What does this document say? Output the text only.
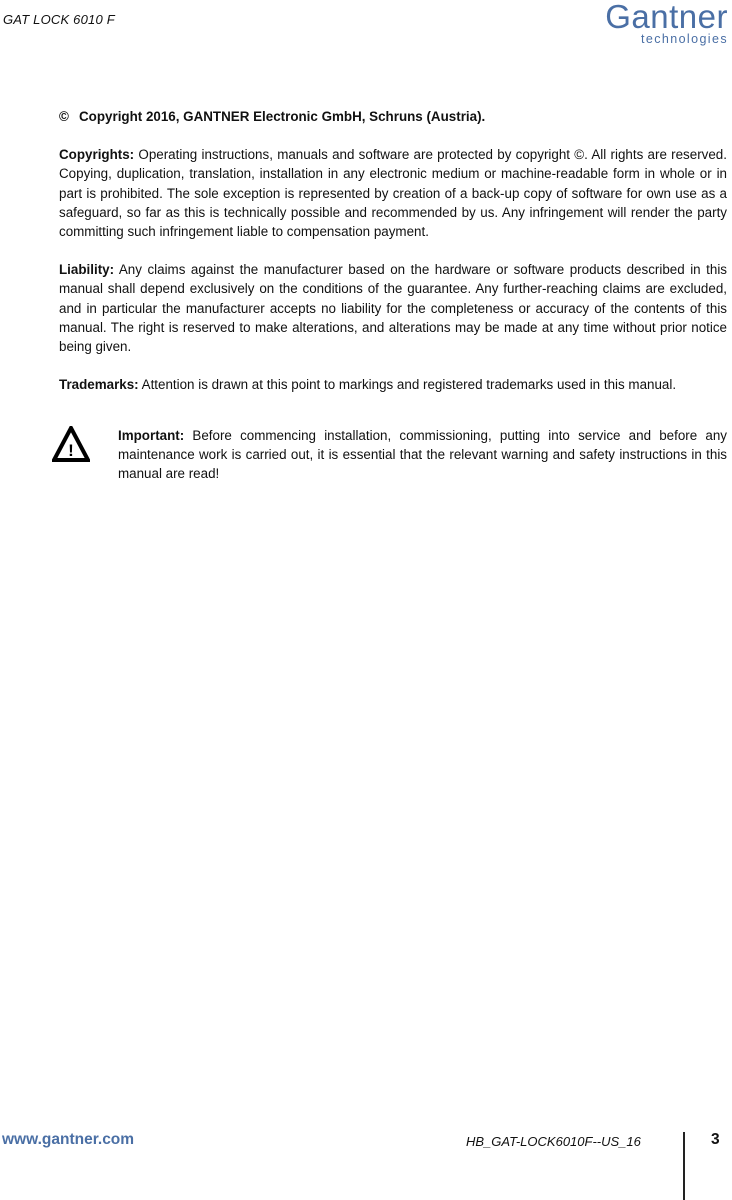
GAT LOCK 6010 F	Gantner
technologies

© Copyright 2016, GANTNER Electronic GmbH, Schruns (Austria).

Copyrights: Operating instructions, manuals and software are protected by copyright ©. All rights are reserved. Copying, duplication, translation, installation in any electronic medium or machine-readable form in whole or in part is prohibited. The sole exception is represented by creation of a back-up copy of software for own use as a safeguard, so far as this is technically possible and recommended by us. Any infringement will render the party committing such infringement liable to compensation payment.

Liability: Any claims against the manufacturer based on the hardware or software products described in this manual shall depend exclusively on the conditions of the guarantee. Any further-reaching claims are excluded, and in particular the manufacturer accepts no liability for the completeness or accuracy of the contents of this manual. The right is reserved to make alterations, and alterations may be made at any time without prior notice being given.

Trademarks: Attention is drawn at this point to markings and registered trademarks used in this manual.

!
Important: Before commencing installation, commissioning, putting into service and before any maintenance work is carried out, it is essential that the relevant warning and safety instructions in this manual are read!
www.gantner.com	HB_GAT-LOCK6010F--US_16	3
